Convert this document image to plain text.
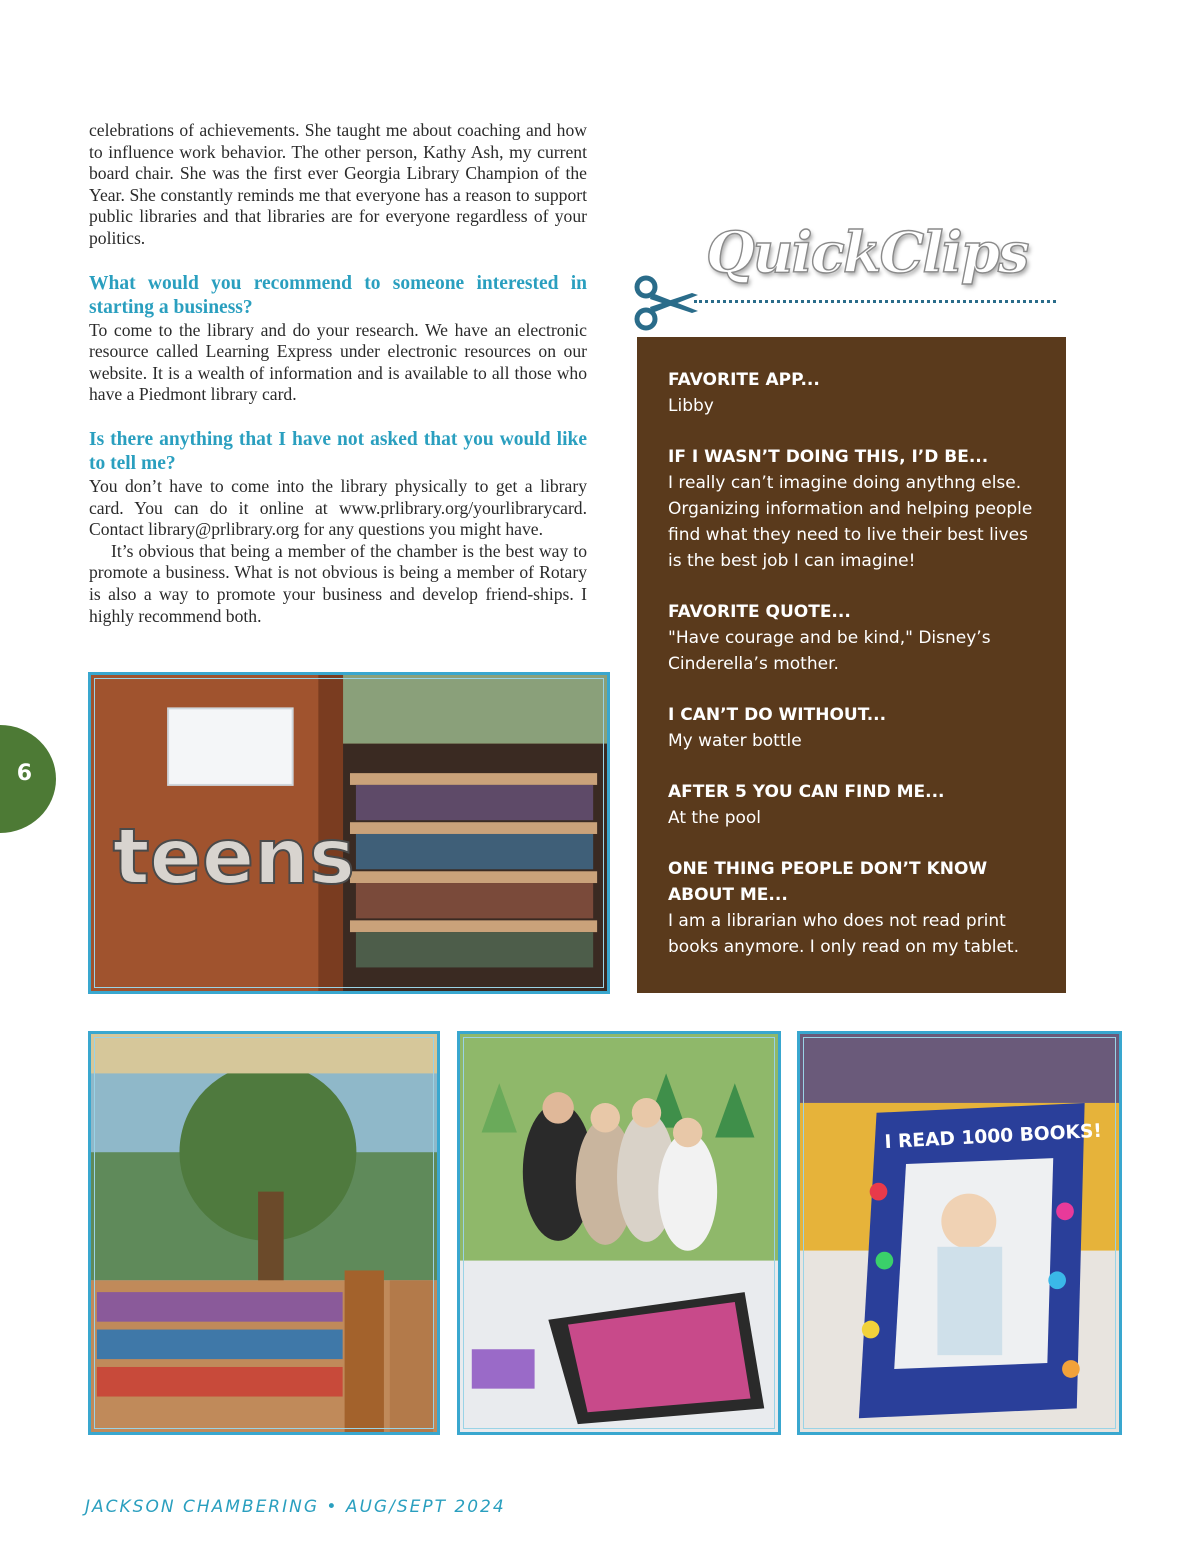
celebrations of achievements. She taught me about coaching and how to influence work behavior. The other person, Kathy Ash, my current board chair. She was the first ever Georgia Library Champion of the Year. She constantly reminds me that everyone has a reason to support public libraries and that libraries are for everyone regardless of your politics.

What would you recommend to someone interested in starting a business?

To come to the library and do your research. We have an electronic resource called Learning Express under electronic resources on our website. It is a wealth of information and is available to all those who have a Piedmont library card.

Is there anything that I have not asked that you would like to tell me?

You don’t have to come into the library physically to get a library card. You can do it online at www.prlibrary.org/yourlibrarycard. Contact library@prlibrary.org for any questions you might have.

It’s obvious that being a member of the chamber is the best way to promote a business. What is not obvious is being a member of Rotary is also a way to promote your business and develop friend-ships. I highly recommend both.

QuickClips
FAVORITE APP...
Libby
IF I WASN’T DOING THIS, I’D BE...
I really can’t imagine doing anythng else. Organizing information and helping people find what they need to live their best lives is the best job I can imagine!
FAVORITE QUOTE...
"Have courage and be kind," Disney’s Cinderella’s mother.
I CAN’T DO WITHOUT...
My water bottle
AFTER 5 YOU CAN FIND ME...
At the pool
ONE THING PEOPLE DON’T KNOW ABOUT ME...
I am a librarian who does not read print books anymore. I only read on my tablet.
6
teens
I READ 1000 BOOKS!
JACKSON CHAMBERING • AUG/SEPT 2024
